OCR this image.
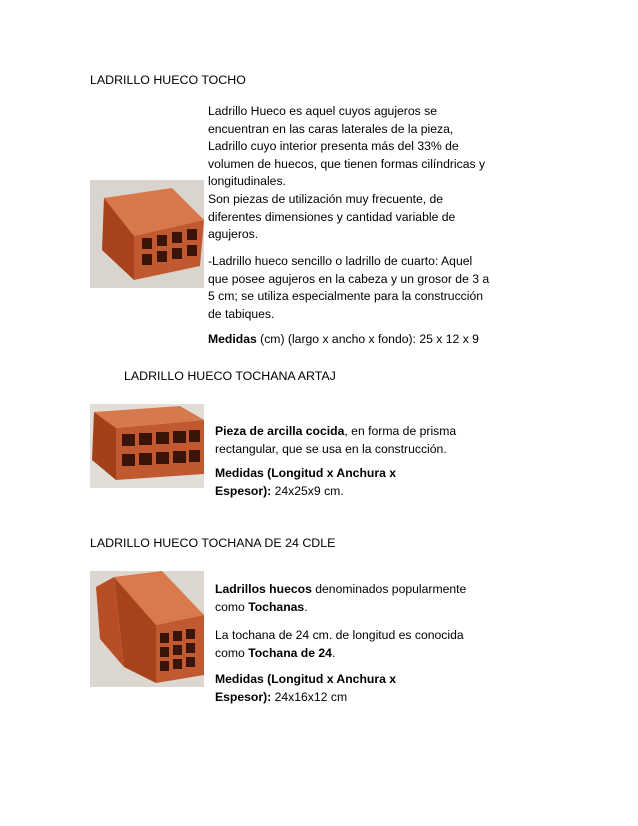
LADRILLO HUECO TOCHO
Ladrillo Hueco es aquel cuyos agujeros se
encuentran en las caras laterales de la pieza,
Ladrillo cuyo interior presenta más del 33% de
volumen de huecos, que tienen formas cilíndricas y
longitudinales.
Son piezas de utilización muy frecuente, de
diferentes dimensiones y cantidad variable de
agujeros.
-Ladrillo hueco sencillo o ladrillo de cuarto: Aquel
que posee agujeros en la cabeza y un grosor de 3 a
5 cm; se utiliza especialmente para la construcción
de tabiques.
Medidas (cm) (largo x ancho x fondo): 25 x 12 x 9
LADRILLO HUECO TOCHANA ARTAJ
Pieza de arcilla cocida, en forma de prisma
rectangular, que se usa en la construcción.
Medidas (Longitud x Anchura x
Espesor): 24x25x9 cm.
LADRILLO HUECO TOCHANA DE 24 CDLE
Ladrillos huecos denominados popularmente
como Tochanas.
La tochana de 24 cm. de longitud es conocida
como Tochana de 24.
Medidas (Longitud x Anchura x
Espesor): 24x16x12 cm
